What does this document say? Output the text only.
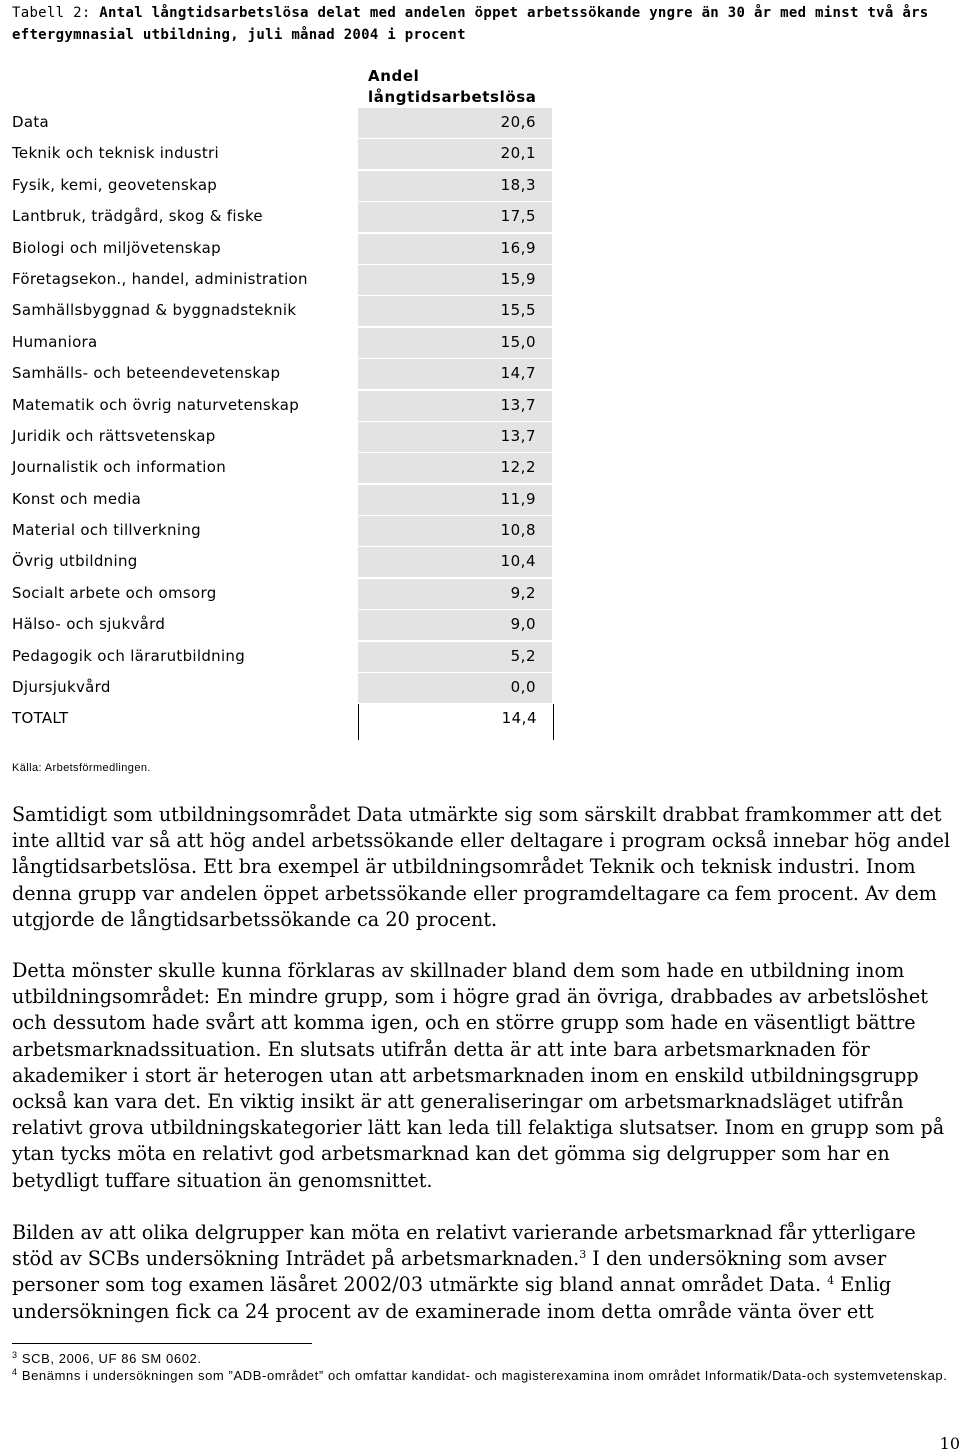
Tabell 2: Antal långtidsarbetslösa delat med andelen öppet arbetssökande yngre än 30 år med minst två års eftergymnasial utbildning, juli månad 2004 i procent
Andel långtidsarbetslösa
20,6
Data
20,1
Teknik och teknisk industri
18,3
Fysik, kemi, geovetenskap
17,5
Lantbruk, trädgård, skog & fiske
16,9
Biologi och miljövetenskap
15,9
Företagsekon., handel, administration
15,5
Samhällsbyggnad & byggnadsteknik
15,0
Humaniora
14,7
Samhälls- och beteendevetenskap
13,7
Matematik och övrig naturvetenskap
13,7
Juridik och rättsvetenskap
12,2
Journalistik och information
11,9
Konst och media
10,8
Material och tillverkning
10,4
Övrig utbildning
9,2
Socialt arbete och omsorg
9,0
Hälso- och sjukvård
5,2
Pedagogik och lärarutbildning
0,0
Djursjukvård
14,4
TOTALT
Källa: Arbetsförmedlingen.
Samtidigt som utbildningsområdet Data utmärkte sig som särskilt drabbat framkommer att det inte alltid var så att hög andel arbetssökande eller deltagare i program också innebar hög andel långtidsarbetslösa. Ett bra exempel är utbildningsområdet Teknik och teknisk industri. Inom denna grupp var andelen öppet arbetssökande eller programdeltagare ca fem procent. Av dem utgjorde de långtidsarbetssökande ca 20 procent.
Detta mönster skulle kunna förklaras av skillnader bland dem som hade en utbildning inom utbildningsområdet: En mindre grupp, som i högre grad än övriga, drabbades av arbetslöshet och dessutom hade svårt att komma igen, och en större grupp som hade en väsentligt bättre arbetsmarknadssituation. En slutsats utifrån detta är att inte bara arbetsmarknaden för akademiker i stort är heterogen utan att arbetsmarknaden inom en enskild utbildningsgrupp också kan vara det. En viktig insikt är att generaliseringar om arbetsmarknadsläget utifrån relativt grova utbildningskategorier lätt kan leda till felaktiga slutsatser. Inom en grupp som på ytan tycks möta en relativt god arbetsmarknad kan det gömma sig delgrupper som har en betydligt tuffare situation än genomsnittet.
Bilden av att olika delgrupper kan möta en relativt varierande arbetsmarknad får ytterligare stöd av SCBs undersökning Inträdet på arbetsmarknaden.$^3$ I den undersökning som avser personer som tog examen läsåret 2002/03 utmärkte sig bland annat området Data. $^4$ Enlig undersökningen fick ca 24 procent av de examinerade inom detta område vänta över ett
$^3$ SCB, 2006, UF 86 SM 0602.
$^4$ Benämns i undersökningen som ”ADB-området” och omfattar kandidat- och magisterexamina inom området Informatik/Data-och systemvetenskap.
10
